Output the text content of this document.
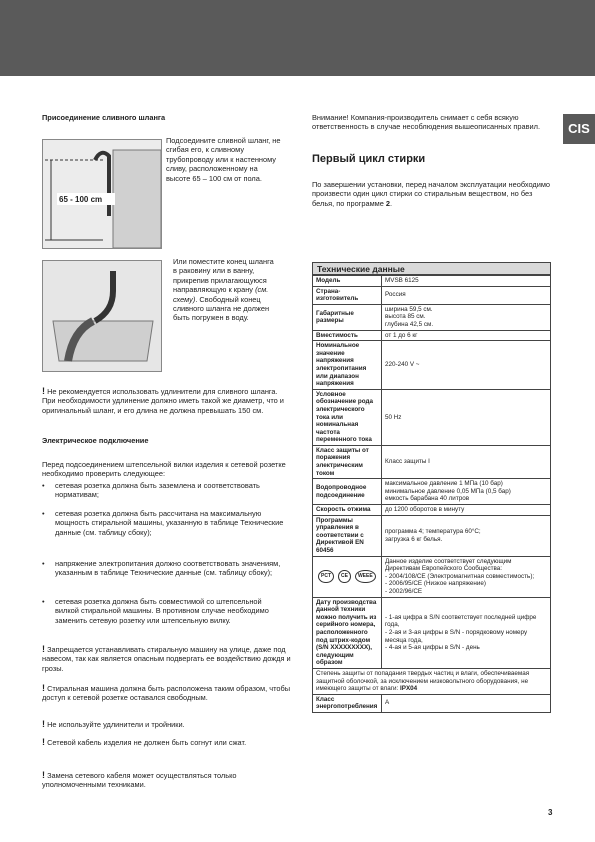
CIS
Присоединение сливного шланга
65 - 100 cm
Подсоедините сливной шланг, не сгибая его, к сливному трубопроводу или к настенному сливу, расположенному на высоте 65 – 100 см от пола.
Или поместите конец шланга в раковину или в ванну, прикрепив прилагающуюся направляющую к крану (см. схему). Свободный конец сливного шланга не должен быть погружен в воду.
! Не рекомендуется использовать удлинители для сливного шланга. При необходимости удлинение должно иметь такой же диаметр, что и оригинальный шланг, и его длина не должна превышать 150 см.
Электрическое подключение
Перед подсоединением штепсельной вилки изделия к сетевой розетке необходимо проверить следующее:
• сетевая розетка должна быть заземлена и соответствовать нормативам;
• сетевая розетка должна быть рассчитана на максимальную мощность стиральной машины, указанную в таблице Технические данные (см. таблицу сбоку);
• напряжение электропитания должно соответствовать значениям, указанным в таблице Технические данные (см. таблицу сбоку);
• сетевая розетка должна быть совместимой со штепсельной вилкой стиральной машины. В противном случае необходимо заменить сетевую розетку или штепсельную вилку.
! Запрещается устанавливать стиральную машину на улице, даже под навесом, так как является опасным подвергать ее воздействию дождя и грозы.
! Стиральная машина должна быть расположена таким образом, чтобы доступ к сетевой розетке оставался свободным.
! Не используйте удлинители и тройники.
! Сетевой кабель изделия не должен быть согнут или сжат.
! Замена сетевого кабеля может осуществляться только уполномоченными техниками.
Внимание! Компания-производитель снимает с себя всякую ответственность в случае несоблюдения вышеописанных правил.
Первый цикл стирки
По завершении установки, перед началом эксплуатации необходимо произвести один цикл стирки со стиральным веществом, но без белья, по программе 2.
Технические данные
Модель	MVSB 6125
Страна-изготовитель	Россия
Габаритные размеры	ширина 59,5 см.
высота 85 см.
глубина 42,5 см.
Вместимость	от 1 до 6 кг
Номинальное значение напряжения электропитания или диапазон напряжения	220-240 V ~
Условное обозначение рода электрического тока или номинальная частота переменного тока	50 Hz
Класс защиты от поражения электрическим током	Класс защиты I
Водопроводное подсоединение	максимальное давление 1 МПа (10 бар)
минимальное давление 0,05 МПа (0,5 бар)
емкость барабана 40 литров
Скорость отжима	до 1200 оборотов в минуту
Программы управления в соответствии с Директивой EN 60456	программа 4; температура 60°C;
загрузка 6 кг белья.
PCT CE WEEE	Данное изделие соответствует следующим Директивам Европейского Сообщества:
- 2004/108/CE (Электромагнитная совместимость);
- 2006/95/CE (Низкое напряжение)
- 2002/96/CE
Дату производства данной техники можно получить из серийного номера, расположенного под штрих-кодом (S/N XXXXXXXXX), следующим образом	- 1-ая цифра в S/N соответствует последней цифре года,
- 2-ая и 3-ая цифры в S/N - порядковому номеру месяца года,
- 4-ая и 5-ая цифры в S/N - день
Степень защиты от попадания твердых частиц и влаги, обеспечиваемая защитной оболочкой, за исключением низковольтного оборудования, не имеющего защиты от влаги: IPX04	
Класс энергопотребления	A
3
